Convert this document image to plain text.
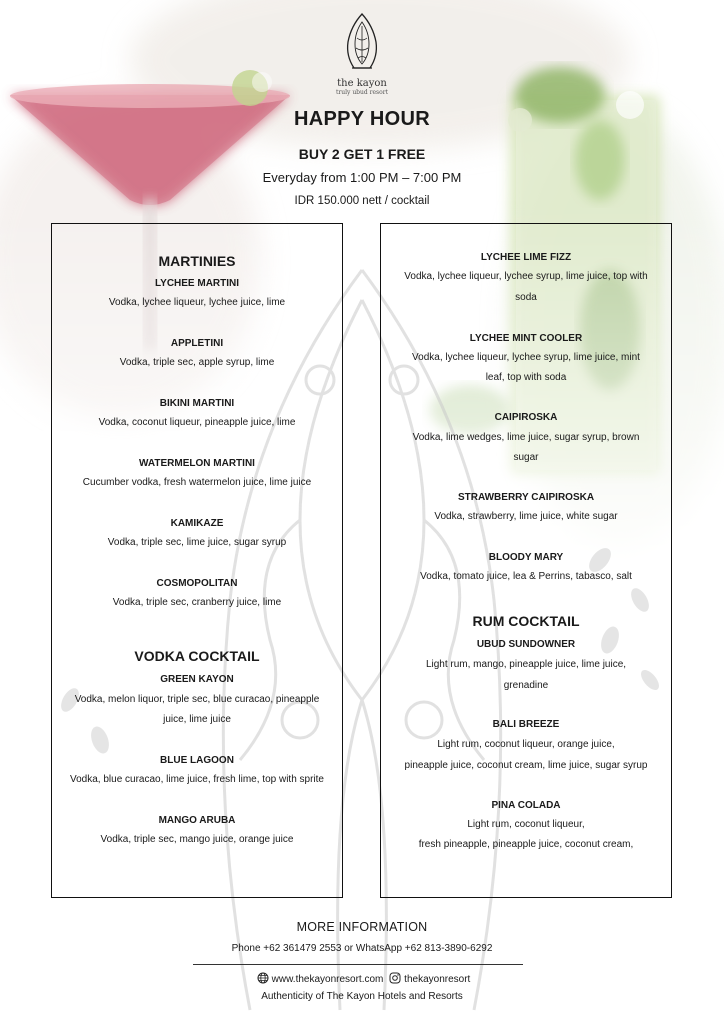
the kayon
truly ubud resort
HAPPY HOUR
BUY 2 GET 1 FREE
Everyday from 1:00 PM – 7:00 PM
IDR 150.000 nett / cocktail
MARTINIES
LYCHEE MARTINI
Vodka, lychee liqueur, lychee juice, lime
APPLETINI
Vodka, triple sec, apple syrup, lime
BIKINI MARTINI
Vodka, coconut liqueur, pineapple juice, lime
WATERMELON MARTINI
Cucumber vodka, fresh watermelon juice, lime juice
KAMIKAZE
Vodka, triple sec, lime juice, sugar syrup
COSMOPOLITAN
Vodka, triple sec, cranberry juice, lime
VODKA COCKTAIL
GREEN KAYON
Vodka, melon liquor, triple sec, blue curacao, pineapple
juice, lime juice
BLUE LAGOON
Vodka, blue curacao, lime juice, fresh lime, top with sprite
MANGO ARUBA
Vodka, triple sec, mango juice, orange juice
LYCHEE LIME FIZZ
Vodka, lychee liqueur, lychee syrup, lime juice, top with
soda
LYCHEE MINT COOLER
Vodka, lychee liqueur, lychee syrup, lime juice, mint
leaf, top with soda
CAIPIROSKA
Vodka, lime wedges, lime juice, sugar syrup, brown
sugar
STRAWBERRY CAIPIROSKA
Vodka, strawberry, lime juice, white sugar
BLOODY MARY
Vodka, tomato juice, lea & Perrins, tabasco, salt
RUM COCKTAIL
UBUD SUNDOWNER
Light rum, mango, pineapple juice, lime juice,
grenadine
BALI BREEZE
Light rum, coconut liqueur, orange juice,
pineapple juice, coconut cream, lime juice, sugar syrup
PINA COLADA
Light rum, coconut liqueur,
fresh pineapple, pineapple juice, coconut cream,
MORE INFORMATION
Phone +62 361479 2553 or WhatsApp +62 813-3890-6292
www.thekayonresort.com thekayonresort
Authenticity of The Kayon Hotels and Resorts
